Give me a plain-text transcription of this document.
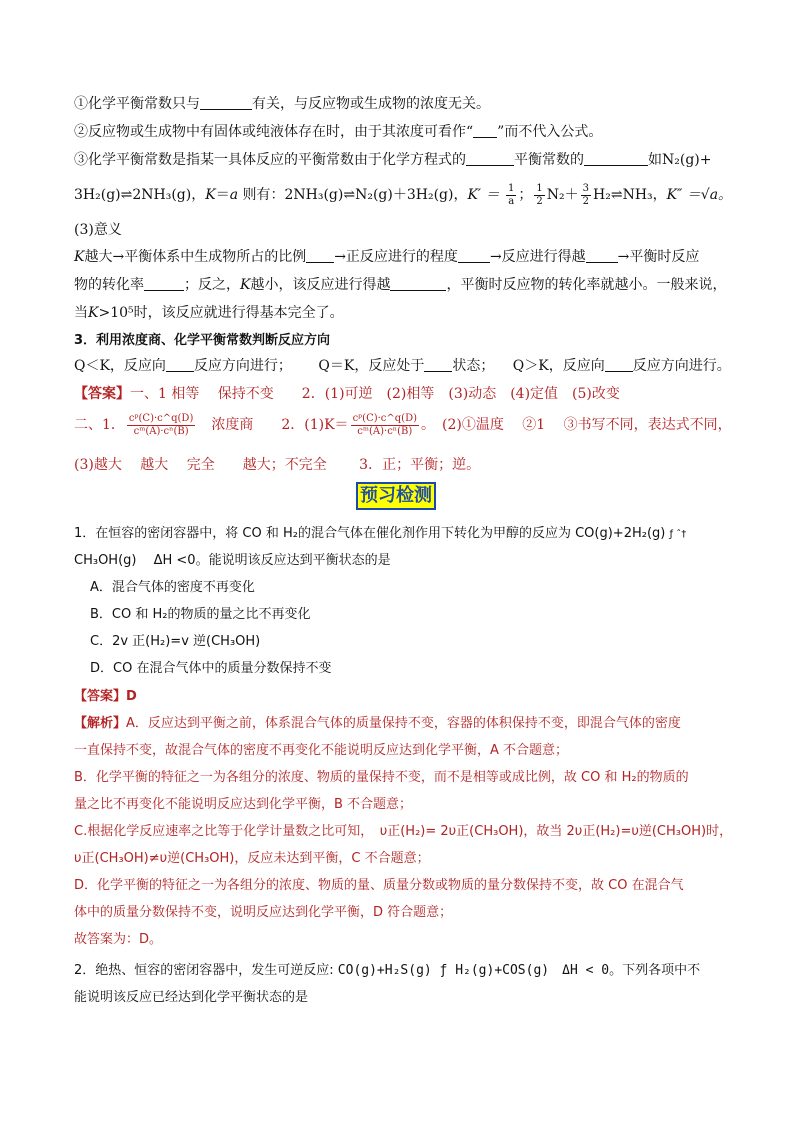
①化学平衡常数只与	有关，与反应物或生成物的浓度无关。
②反应物或生成物中有固体或纯液体存在时，由于其浓度可看作“ ”而不代入公式。
③化学平衡常数是指某一具体反应的平衡常数由于化学方程式的	平衡常数的	如N₂(g)+
3H₂(g)⇌2NH₃(g)，K＝a 则有：2NH₃(g)⇌N₂(g)＋3H₂(g)，$K' = \frac{1}{a}$ ； $\frac{1}{2} N_2+ \frac{3}{2}$ H₂⇌NH₃，K″ ＝√a。
(3)意义
K越大→平衡体系中生成物所占的比例 →正反应进行的程度 →反应进行得越 →平衡时反应
物的转化率	；反之，K越小，该反应进行得越	，平衡时反应物的转化率就越小。一般来说，
当K>10⁵时，该反应就进行得基本完全了。
3．利用浓度商、化学平衡常数判断反应方向
Q＜K，反应向 反应方向进行； Q＝K，反应处于 状态； Q＞K，反应向 反应方向进行。
【答案】一、1 相等　 保持不变　　2．(1)可逆　(2)相等　(3)动态　(4)定值　(5)改变
二、1． $\frac{\text{cᵖ(C)·c\textasciicircum{}q(D)}}{\text{cᵐ(A)·cⁿ(B)}}$
　 浓度商　　2．$(1)K= \frac{\text{cᵖ(C)·c\textasciicircum{}q(D)}}{\text{cᵐ(A)·cⁿ(B)}}$ 。　(2)①温度　 ②1　 ③书写不同，表达式不同，
(3)越大　 越大　 完全　　越大；不完全　　 3．正；平衡；逆。
预习检测
1．在恒容的密闭容器中，将 CO 和 H₂的混合气体在催化剂作用下转化为甲醇的反应为 CO(g)+2H₂(g) ƒ ˆ†
CH₃OH(g)　 ΔH <0。能说明该反应达到平衡状态的是
A．混合气体的密度不再变化
B．CO 和 H₂的物质的量之比不再变化
C．2v 正(H₂)=v 逆(CH₃OH)
D．CO 在混合气体中的质量分数保持不变
【答案】D
【解析】A．反应达到平衡之前，体系混合气体的质量保持不变，容器的体积保持不变，即混合气体的密度
一直保持不变，故混合气体的密度不再变化不能说明反应达到化学平衡，A 不合题意；
B．化学平衡的特征之一为各组分的浓度、物质的量保持不变，而不是相等或成比例，故 CO 和 H₂的物质的
量之比不再变化不能说明反应达到化学平衡，B 不合题意；
C.根据化学反应速率之比等于化学计量数之比可知，　υ正(H₂)= 2υ正(CH₃OH)，故当 2υ正(H₂)=υ逆(CH₃OH)时，
υ正(CH₃OH)≠υ逆(CH₃OH)，反应未达到平衡，C 不合题意；
D．化学平衡的特征之一为各组分的浓度、物质的量、质量分数或物质的量分数保持不变，故 CO 在混合气
体中的质量分数保持不变，说明反应达到化学平衡，D 符合题意；
故答案为：D。
2．绝热、恒容的密闭容器中，发生可逆反应: CO(g)+H₂S(g) ƒ H₂(g)+COS(g)　ΔH < 0。下列各项中不
能说明该反应已经达到化学平衡状态的是
